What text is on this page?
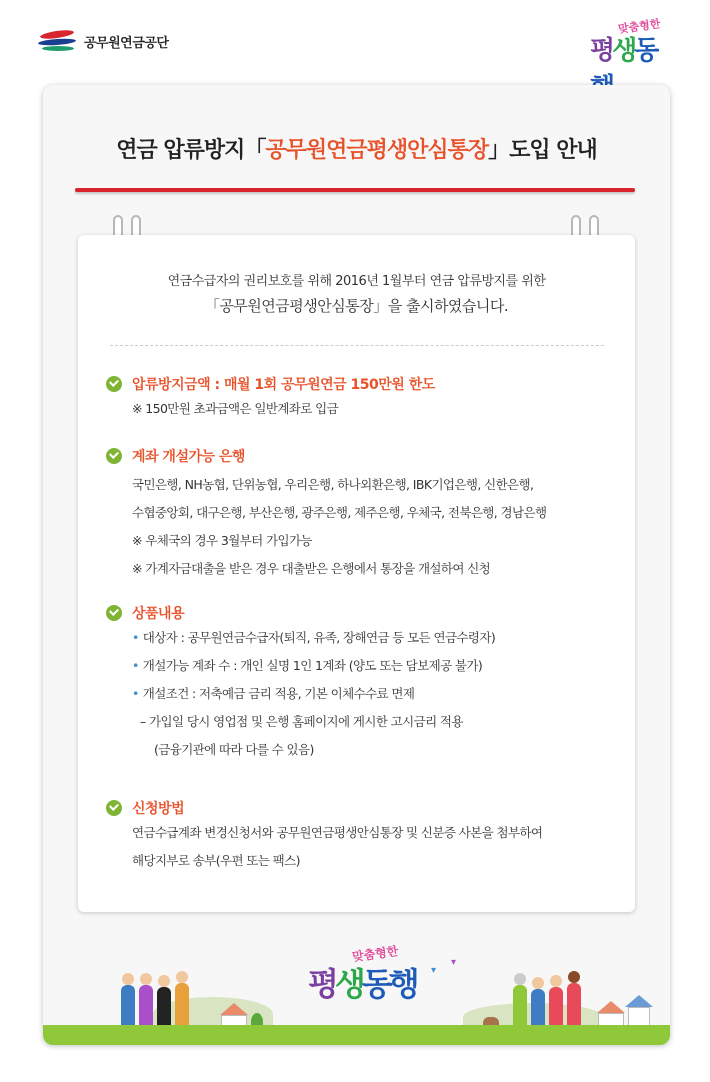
공무원연금공단
맞춤형한
평생동
연금 압류방지「공무원연금평생안심통장」도입 안내
연금수급자의 권리보호를 위해 2016년 1월부터 연금 압류방지를 위한
「공무원연금평생안심통장」을 출시하였습니다.
압류방지금액 : 매월 1회 공무원연금 150만원 한도
※ 150만원 초과금액은 일반계좌로 입금
계좌 개설가능 은행
국민은행, NH농협, 단위농협, 우리은행, 하나외환은행, IBK기업은행, 신한은행,
수협중앙회, 대구은행, 부산은행, 광주은행, 제주은행, 우체국, 전북은행, 경남은행
※ 우체국의 경우 3월부터 가입가능
※ 가계자금대출을 받은 경우 대출받은 은행에서 통장을 개설하여 신청
상품내용
• 대상자 : 공무원연금수급자(퇴직, 유족, 장해연금 등 모든 연금수령자)
• 개설가능 계좌 수 : 개인 실명 1인 1계좌 (양도 또는 담보제공 불가)
• 개설조건 : 저축예금 금리 적용, 기본 이체수수료 면제
– 가입일 당시 영업점 및 은행 홈페이지에 게시한 고시금리 적용
(금융기관에 따라 다를 수 있음)
신청방법
연금수급계좌 변경신청서와 공무원연금평생안심통장 및 신분증 사본을 첨부하여
해당지부로 송부(우편 또는 팩스)
맞춤형한
평생동행 ▾
▾
